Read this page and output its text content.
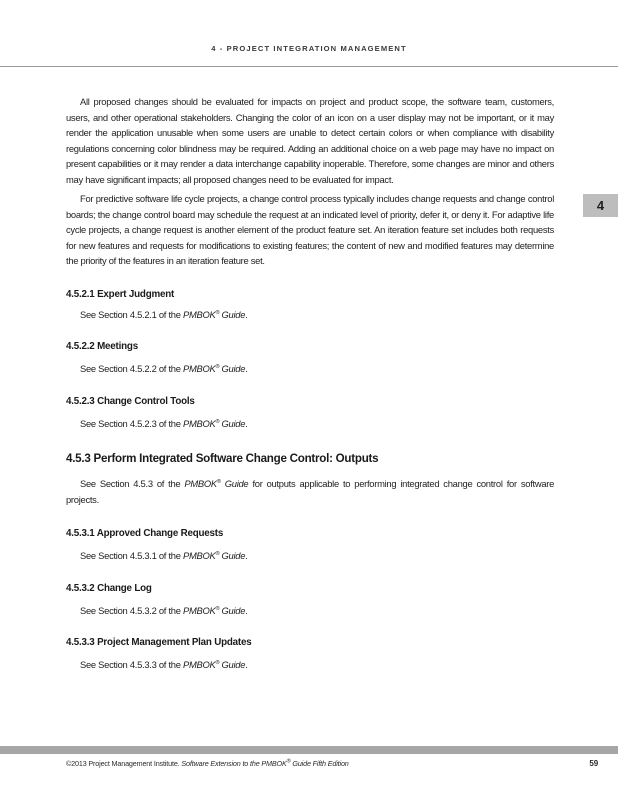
4 - PROJECT INTEGRATION MANAGEMENT
4

All proposed changes should be evaluated for impacts on project and product scope, the software team, customers, users, and other operational stakeholders. Changing the color of an icon on a user display may not be important, or it may render the application unusable when some users are unable to detect certain colors or when compliance with disability regulations concerning color blindness may be required. Adding an additional choice on a web page may have no impact on present capabilities or it may render a data interchange capability inoperable. Therefore, some changes are minor and others may have significant impacts; all proposed changes need to be evaluated for impact.

For predictive software life cycle projects, a change control process typically includes change requests and change control boards; the change control board may schedule the request at an indicated level of priority, defer it, or deny it. For adaptive life cycle projects, a change request is another element of the product feature set. An iteration feature set includes both requests for new features and requests for modifications to existing features; the content of new and modified features may determine the priority of the features in an iteration feature set.

4.5.2.1 Expert Judgment

See Section 4.5.2.1 of the PMBOK® Guide.

4.5.2.2 Meetings

See Section 4.5.2.2 of the PMBOK® Guide.

4.5.2.3 Change Control Tools

See Section 4.5.2.3 of the PMBOK® Guide.

4.5.3 Perform Integrated Software Change Control: Outputs

See Section 4.5.3 of the PMBOK® Guide for outputs applicable to performing integrated change control for software projects.

4.5.3.1 Approved Change Requests

See Section 4.5.3.1 of the PMBOK® Guide.

4.5.3.2 Change Log

See Section 4.5.3.2 of the PMBOK® Guide.

4.5.3.3 Project Management Plan Updates

See Section 4.5.3.3 of the PMBOK® Guide.

©2013 Project Management Institute. Software Extension to the PMBOK® Guide Fifth Edition	59
